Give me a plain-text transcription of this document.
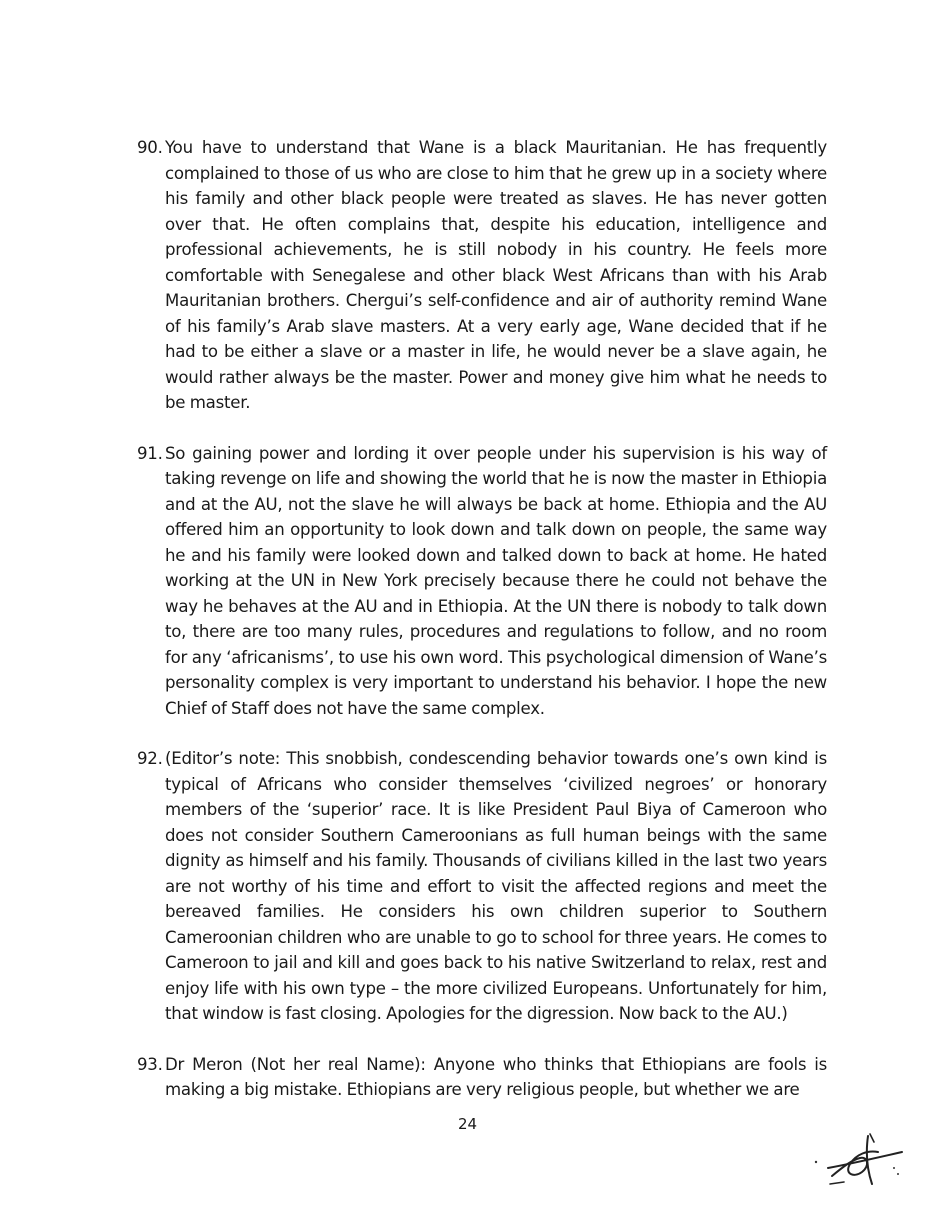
90. You have to understand that Wane is a black Mauritanian. He has frequently complained to those of us who are close to him that he grew up in a society where his family and other black people were treated as slaves. He has never gotten over that. He often complains that, despite his education, intelligence and professional achievements, he is still nobody in his country. He feels more comfortable with Senegalese and other black West Africans than with his Arab Mauritanian brothers. Chergui’s self-confidence and air of authority remind Wane of his family’s Arab slave masters. At a very early age, Wane decided that if he had to be either a slave or a master in life, he would never be a slave again, he would rather always be the master. Power and money give him what he needs to be master.

91. So gaining power and lording it over people under his supervision is his way of taking revenge on life and showing the world that he is now the master in Ethiopia and at the AU, not the slave he will always be back at home. Ethiopia and the AU offered him an opportunity to look down and talk down on people, the same way he and his family were looked down and talked down to back at home. He hated working at the UN in New York precisely because there he could not behave the way he behaves at the AU and in Ethiopia. At the UN there is nobody to talk down to, there are too many rules, procedures and regulations to follow, and no room for any ‘africanisms’, to use his own word. This psychological dimension of Wane’s personality complex is very important to understand his behavior. I hope the new Chief of Staff does not have the same complex.

92. (Editor’s note: This snobbish, condescending behavior towards one’s own kind is typical of Africans who consider themselves ‘civilized negroes’ or honorary members of the ‘superior’ race. It is like President Paul Biya of Cameroon who does not consider Southern Cameroonians as full human beings with the same dignity as himself and his family. Thousands of civilians killed in the last two years are not worthy of his time and effort to visit the affected regions and meet the bereaved families. He considers his own children superior to Southern Cameroonian children who are unable to go to school for three years. He comes to Cameroon to jail and kill and goes back to his native Switzerland to relax, rest and enjoy life with his own type – the more civilized Europeans. Unfortunately for him, that window is fast closing. Apologies for the digression. Now back to the AU.)

93. Dr Meron (Not her real Name): Anyone who thinks that Ethiopians are fools is making a big mistake. Ethiopians are very religious people, but whether we are

24
